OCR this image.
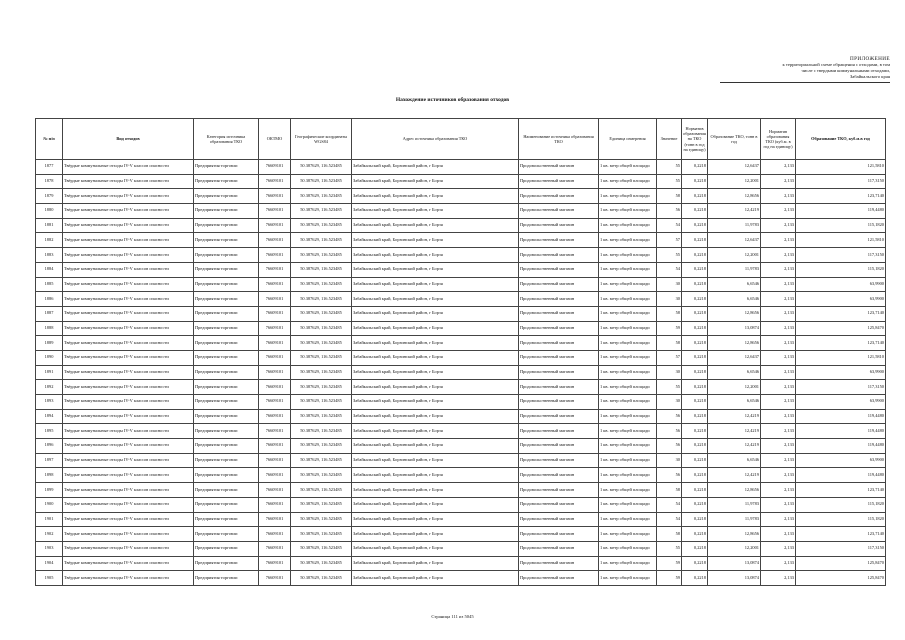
ПРИЛОЖЕНИЕ
к территориальной схеме обращения с отходами, в том
числе с твердыми коммунальными отходами,
Забайкальского края
Нахождение источников образования отходов
№ п/п	Вид отходов	Категория источника образования ТКО	ОКТМО	Географические координаты WGS84	Адрес источника образования ТКО	Наименование источника образования ТКО	Единица измерения	Значение	Норматив образования на ТКО (тонн в год на единицу)	Образование ТКО, тонн в год	Норматив образования ТКО (куб.м. в год на единицу)	Образование ТКО, куб.м.в год
1877	Твёрдые коммунальные отходы IV-V классов опасности	Предприятия торговли	76609101	50.387629, 116.523485	Забайкальский край, Борзинский район, г Борзя	Продовольственный магазин	1 кв. метр общей площади	55	0,2218	12,6437	2,133	121,5810
1878	Твёрдые коммунальные отходы IV-V классов опасности	Предприятия торговли	76609101	50.387629, 116.523485	Забайкальский край, Борзинский район, г Борзя	Продовольственный магазин	1 кв. метр общей площади	55	0,2218	12,2001	2,133	117,3150
1879	Твёрдые коммунальные отходы IV-V классов опасности	Предприятия торговли	76609101	50.387629, 116.523485	Забайкальский край, Борзинский район, г Борзя	Продовольственный магазин	1 кв. метр общей площади	58	0,2218	12,8656	2,133	123,7140
1880	Твёрдые коммунальные отходы IV-V классов опасности	Предприятия торговли	76609101	50.387629, 116.523485	Забайкальский край, Борзинский район, г Борзя	Продовольственный магазин	1 кв. метр общей площади	56	0,2218	12,4219	2,133	119,4480
1881	Твёрдые коммунальные отходы IV-V классов опасности	Предприятия торговли	76609101	50.387629, 116.523485	Забайкальский край, Борзинский район, г Борзя	Продовольственный магазин	1 кв. метр общей площади	54	0,2218	11,9783	2,133	115,1820
1882	Твёрдые коммунальные отходы IV-V классов опасности	Предприятия торговли	76609101	50.387629, 116.523485	Забайкальский край, Борзинский район, г Борзя	Продовольственный магазин	1 кв. метр общей площади	57	0,2218	12,6437	2,133	121,5810
1883	Твёрдые коммунальные отходы IV-V классов опасности	Предприятия торговли	76609101	50.387629, 116.523485	Забайкальский край, Борзинский район, г Борзя	Продовольственный магазин	1 кв. метр общей площади	55	0,2218	12,2001	2,133	117,3150
1884	Твёрдые коммунальные отходы IV-V классов опасности	Предприятия торговли	76609101	50.387629, 116.523485	Забайкальский край, Борзинский район, г Борзя	Продовольственный магазин	1 кв. метр общей площади	54	0,2218	11,9783	2,133	115,1820
1885	Твёрдые коммунальные отходы IV-V классов опасности	Предприятия торговли	76609101	50.387629, 116.523485	Забайкальский край, Борзинский район, г Борзя	Продовольственный магазин	1 кв. метр общей площади	30	0,2218	6,6546	2,133	63,9900
1886	Твёрдые коммунальные отходы IV-V классов опасности	Предприятия торговли	76609101	50.387629, 116.523485	Забайкальский край, Борзинский район, г Борзя	Продовольственный магазин	1 кв. метр общей площади	30	0,2218	6,6546	2,133	63,9900
1887	Твёрдые коммунальные отходы IV-V классов опасности	Предприятия торговли	76609101	50.387629, 116.523485	Забайкальский край, Борзинский район, г Борзя	Продовольственный магазин	1 кв. метр общей площади	58	0,2218	12,8656	2,133	123,7140
1888	Твёрдые коммунальные отходы IV-V классов опасности	Предприятия торговли	76609101	50.387629, 116.523485	Забайкальский край, Борзинский район, г Борзя	Продовольственный магазин	1 кв. метр общей площади	59	0,2218	13,0874	2,133	125,8470
1889	Твёрдые коммунальные отходы IV-V классов опасности	Предприятия торговли	76609101	50.387629, 116.523485	Забайкальский край, Борзинский район, г Борзя	Продовольственный магазин	1 кв. метр общей площади	58	0,2218	12,8656	2,133	123,7140
1890	Твёрдые коммунальные отходы IV-V классов опасности	Предприятия торговли	76609101	50.387629, 116.523485	Забайкальский край, Борзинский район, г Борзя	Продовольственный магазин	1 кв. метр общей площади	57	0,2218	12,6437	2,133	121,5810
1891	Твёрдые коммунальные отходы IV-V классов опасности	Предприятия торговли	76609101	50.387629, 116.523485	Забайкальский край, Борзинский район, г Борзя	Продовольственный магазин	1 кв. метр общей площади	30	0,2218	6,6546	2,133	63,9900
1892	Твёрдые коммунальные отходы IV-V классов опасности	Предприятия торговли	76609101	50.387629, 116.523485	Забайкальский край, Борзинский район, г Борзя	Продовольственный магазин	1 кв. метр общей площади	55	0,2218	12,2001	2,133	117,3150
1893	Твёрдые коммунальные отходы IV-V классов опасности	Предприятия торговли	76609101	50.387629, 116.523485	Забайкальский край, Борзинский район, г Борзя	Продовольственный магазин	1 кв. метр общей площади	30	0,2218	6,6546	2,133	63,9900
1894	Твёрдые коммунальные отходы IV-V классов опасности	Предприятия торговли	76609101	50.387629, 116.523485	Забайкальский край, Борзинский район, г Борзя	Продовольственный магазин	1 кв. метр общей площади	56	0,2218	12,4219	2,133	119,4480
1895	Твёрдые коммунальные отходы IV-V классов опасности	Предприятия торговли	76609101	50.387629, 116.523485	Забайкальский край, Борзинский район, г Борзя	Продовольственный магазин	1 кв. метр общей площади	56	0,2218	12,4219	2,133	119,4480
1896	Твёрдые коммунальные отходы IV-V классов опасности	Предприятия торговли	76609101	50.387629, 116.523485	Забайкальский край, Борзинский район, г Борзя	Продовольственный магазин	1 кв. метр общей площади	56	0,2218	12,4219	2,133	119,4480
1897	Твёрдые коммунальные отходы IV-V классов опасности	Предприятия торговли	76609101	50.387629, 116.523485	Забайкальский край, Борзинский район, г Борзя	Продовольственный магазин	1 кв. метр общей площади	30	0,2218	6,6546	2,133	63,9900
1898	Твёрдые коммунальные отходы IV-V классов опасности	Предприятия торговли	76609101	50.387629, 116.523485	Забайкальский край, Борзинский район, г Борзя	Продовольственный магазин	1 кв. метр общей площади	56	0,2218	12,4219	2,133	119,4480
1899	Твёрдые коммунальные отходы IV-V классов опасности	Предприятия торговли	76609101	50.387629, 116.523485	Забайкальский край, Борзинский район, г Борзя	Продовольственный магазин	1 кв. метр общей площади	58	0,2218	12,8656	2,133	123,7140
1900	Твёрдые коммунальные отходы IV-V классов опасности	Предприятия торговли	76609101	50.387629, 116.523485	Забайкальский край, Борзинский район, г Борзя	Продовольственный магазин	1 кв. метр общей площади	54	0,2218	11,9783	2,133	115,1820
1901	Твёрдые коммунальные отходы IV-V классов опасности	Предприятия торговли	76609101	50.387629, 116.523485	Забайкальский край, Борзинский район, г Борзя	Продовольственный магазин	1 кв. метр общей площади	54	0,2218	11,9783	2,133	115,1820
1902	Твёрдые коммунальные отходы IV-V классов опасности	Предприятия торговли	76609101	50.387629, 116.523485	Забайкальский край, Борзинский район, г Борзя	Продовольственный магазин	1 кв. метр общей площади	58	0,2218	12,8656	2,133	123,7140
1903	Твёрдые коммунальные отходы IV-V классов опасности	Предприятия торговли	76609101	50.387629, 116.523485	Забайкальский край, Борзинский район, г Борзя	Продовольственный магазин	1 кв. метр общей площади	55	0,2218	12,2001	2,133	117,3150
1904	Твёрдые коммунальные отходы IV-V классов опасности	Предприятия торговли	76609101	50.387629, 116.523485	Забайкальский край, Борзинский район, г Борзя	Продовольственный магазин	1 кв. метр общей площади	59	0,2218	13,0874	2,133	125,8470
1905	Твёрдые коммунальные отходы IV-V классов опасности	Предприятия торговли	76609101	50.387629, 116.523485	Забайкальский край, Борзинский район, г Борзя	Продовольственный магазин	1 кв. метр общей площади	59	0,2218	13,0874	2,133	125,8470
Страница 111 из 5045
